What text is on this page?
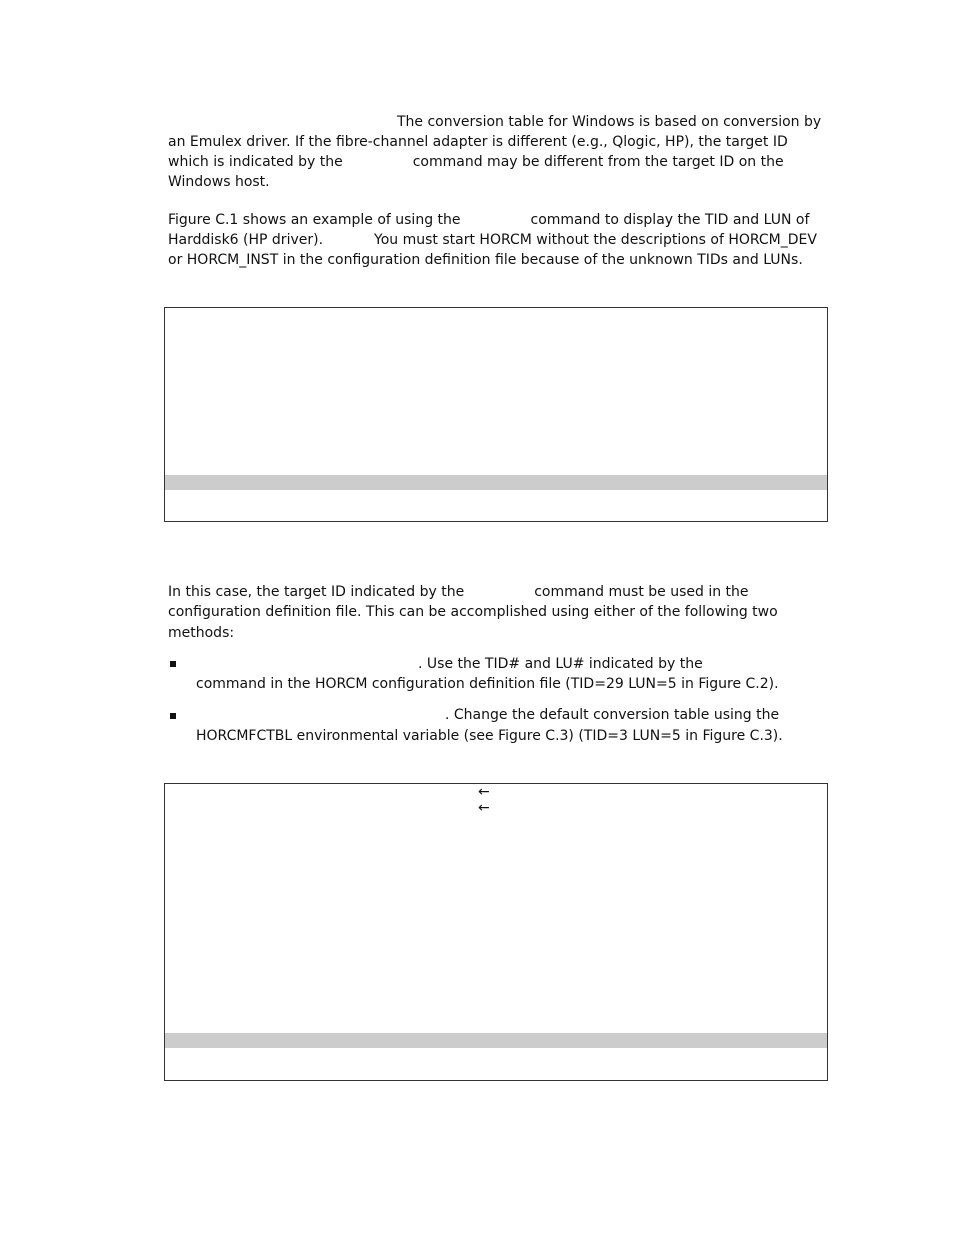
The conversion table for Windows is based on conversion by
an Emulex driver. If the fibre-channel adapter is different (e.g., Qlogic, HP), the target ID
which is indicated by the	command may be different from the target ID on the
Windows host.
Figure C.1 shows an example of using the	command to display the TID and LUN of
Harddisk6 (HP driver).	You must start HORCM without the descriptions of HORCM_DEV
or HORCM_INST in the configuration definition file because of the unknown TIDs and LUNs.
In this case, the target ID indicated by the	command must be used in the
configuration definition file. This can be accomplished using either of the following two
methods:
. Use the TID# and LU# indicated by the
command in the HORCM configuration definition file (TID=29 LUN=5 in Figure C.2).
. Change the default conversion table using the
HORCMFCTBL environmental variable (see Figure C.3) (TID=3 LUN=5 in Figure C.3).
←
←
